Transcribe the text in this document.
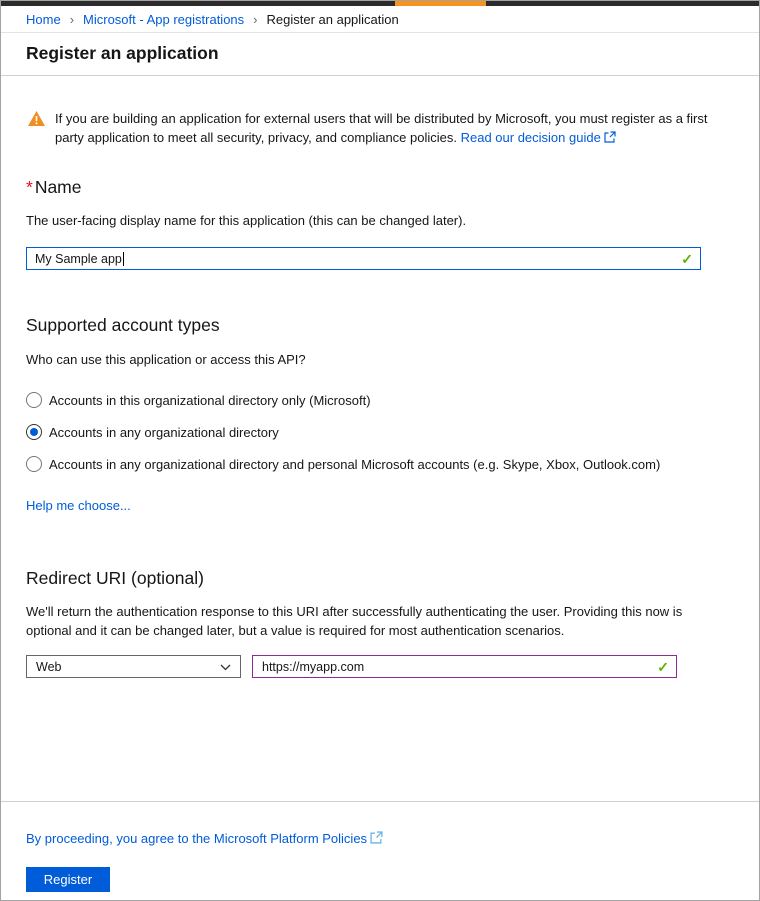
Home › Microsoft - App registrations › Register an application
Register an application
If you are building an application for external users that will be distributed by Microsoft, you must register as a first party application to meet all security, privacy, and compliance policies. Read our decision guide
* Name
The user-facing display name for this application (this can be changed later).
My Sample app	✓
Supported account types
Who can use this application or access this API?
Accounts in this organizational directory only (Microsoft)
Accounts in any organizational directory
Accounts in any organizational directory and personal Microsoft accounts (e.g. Skype, Xbox, Outlook.com)
Help me choose...
Redirect URI (optional)
We'll return the authentication response to this URI after successfully authenticating the user. Providing this now is optional and it can be changed later, but a value is required for most authentication scenarios.
Web	https://myapp.com	✓
By proceeding, you agree to the Microsoft Platform Policies
Register
